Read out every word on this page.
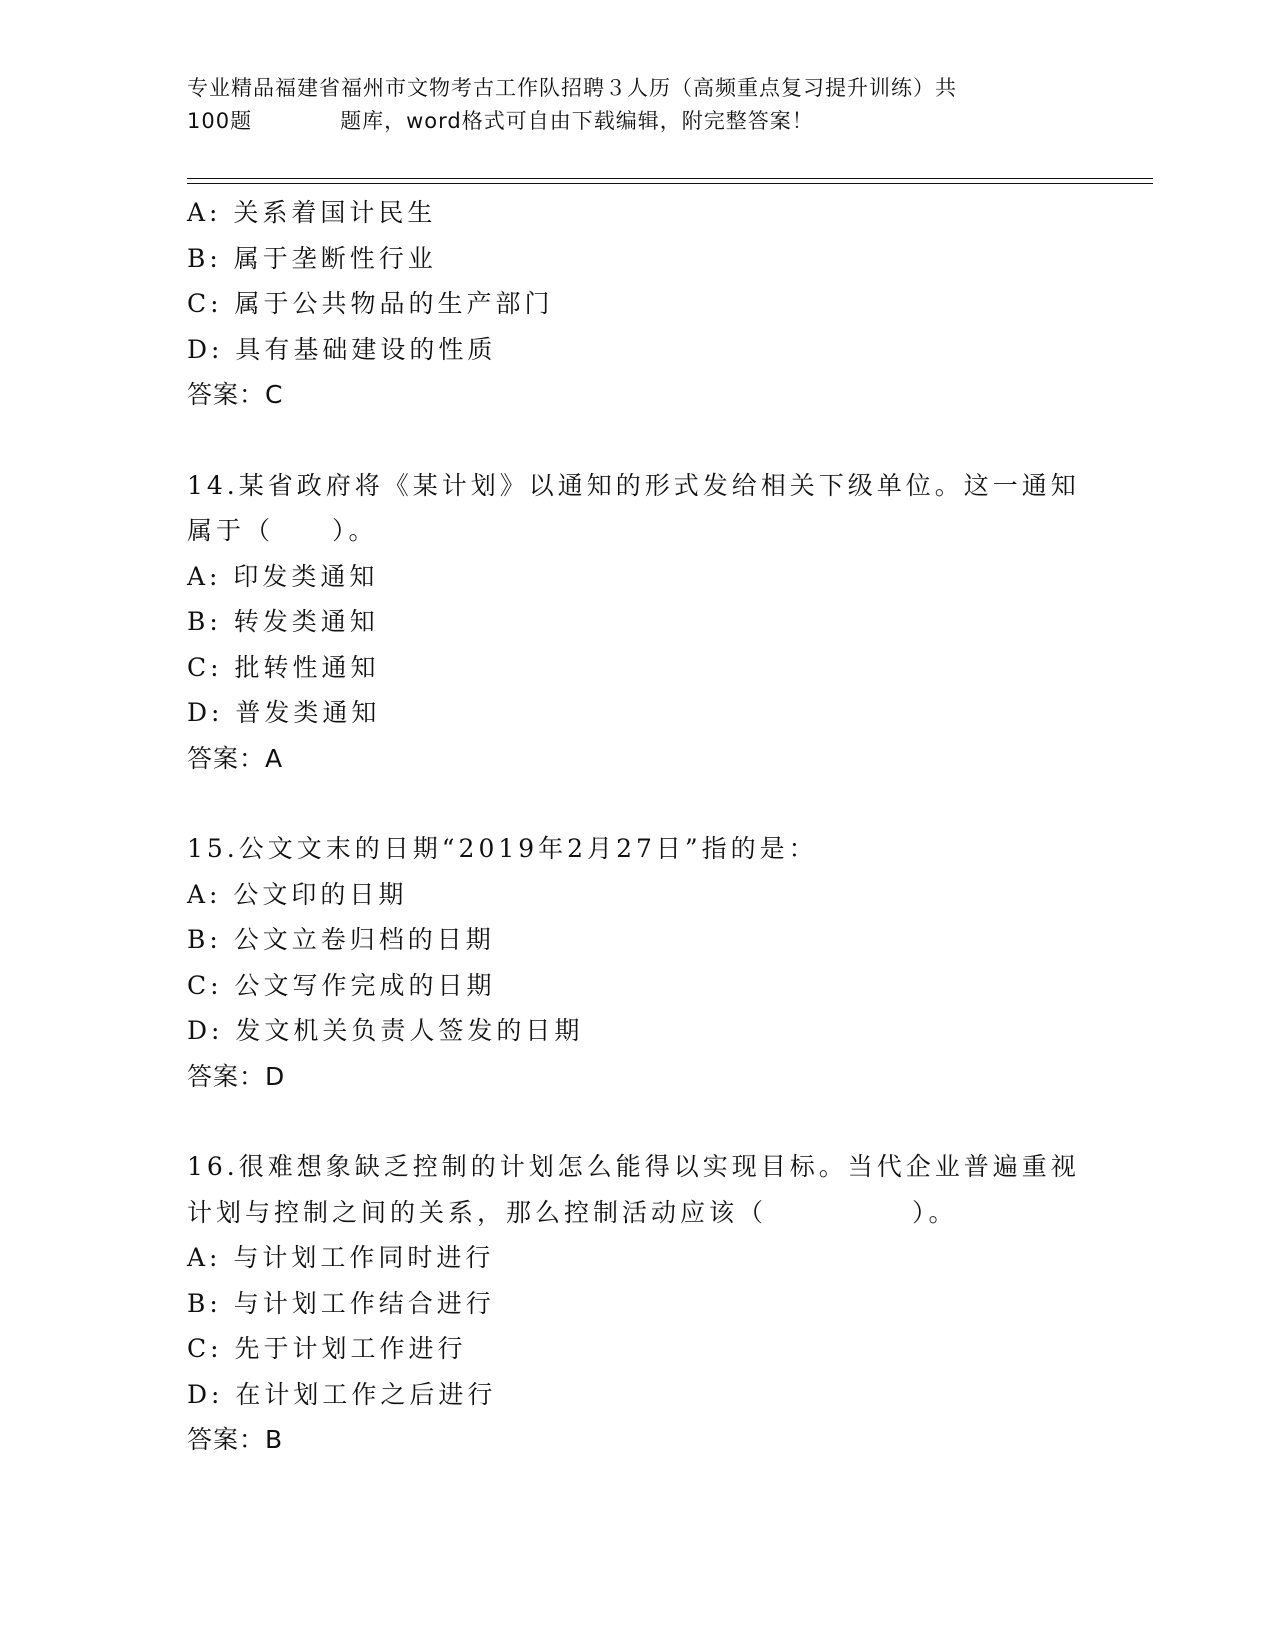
专业精品福建省福州市文物考古工作队招聘３人历（高频重点复习提升训练）共
100题　　　　	题库，word格式可自由下载编辑，附完整答案！
A: 关系着国计民生
B: 属于垄断性行业
C: 属于公共物品的生产部门
D: 具有基础建设的性质
答案：C
14.某省政府将《某计划》以通知的形式发给相关下级单位。这一通知
属于（　　）。
A: 印发类通知
B: 转发类通知
C: 批转性通知
D: 普发类通知
答案：A
15.公文文末的日期“2019年2月27日”指的是：
A: 公文印的日期
B: 公文立卷归档的日期
C: 公文写作完成的日期
D: 发文机关负责人签发的日期
答案：D
16.很难想象缺乏控制的计划怎么能得以实现目标。当代企业普遍重视
计划与控制之间的关系，那么控制活动应该（　　　　　）。
A: 与计划工作同时进行
B: 与计划工作结合进行
C: 先于计划工作进行
D: 在计划工作之后进行
答案：B
